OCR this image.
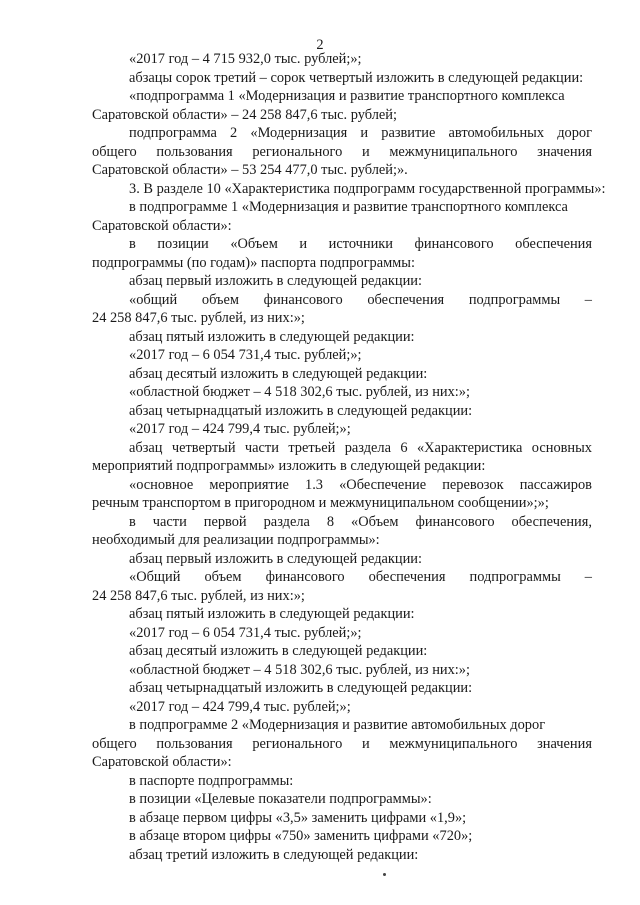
2
«2017 год – 4 715 932,0 тыс. рублей;»;
абзацы сорок третий – сорок четвертый изложить в следующей редакции:
«подпрограмма 1 «Модернизация и развитие транспортного комплекса
Саратовской области» – 24 258 847,6 тыс. рублей;
подпрограмма 2 «Модернизация и развитие автомобильных дорог
общего пользования регионального и межмуниципального значения
Саратовской области» – 53 254 477,0 тыс. рублей;».
3. В разделе 10 «Характеристика подпрограмм государственной программы»:
в подпрограмме 1 «Модернизация и развитие транспортного комплекса
Саратовской области»:
в позиции «Объем и источники финансового обеспечения
подпрограммы (по годам)» паспорта подпрограммы:
абзац первый изложить в следующей редакции:
«общий объем финансового обеспечения подпрограммы –
24 258 847,6 тыс. рублей, из них:»;
абзац пятый изложить в следующей редакции:
«2017 год – 6 054 731,4 тыс. рублей;»;
абзац десятый изложить в следующей редакции:
«областной бюджет – 4 518 302,6 тыс. рублей, из них:»;
абзац четырнадцатый изложить в следующей редакции:
«2017 год – 424 799,4 тыс. рублей;»;
абзац четвертый части третьей раздела 6 «Характеристика основных
мероприятий подпрограммы» изложить в следующей редакции:
«основное мероприятие 1.3 «Обеспечение перевозок пассажиров
речным транспортом в пригородном и межмуниципальном сообщении»;»;
в части первой раздела 8 «Объем финансового обеспечения,
необходимый для реализации подпрограммы»:
абзац первый изложить в следующей редакции:
«Общий объем финансового обеспечения подпрограммы –
24 258 847,6 тыс. рублей, из них:»;
абзац пятый изложить в следующей редакции:
«2017 год – 6 054 731,4 тыс. рублей;»;
абзац десятый изложить в следующей редакции:
«областной бюджет – 4 518 302,6 тыс. рублей, из них:»;
абзац четырнадцатый изложить в следующей редакции:
«2017 год – 424 799,4 тыс. рублей;»;
в подпрограмме 2 «Модернизация и развитие автомобильных дорог
общего пользования регионального и межмуниципального значения
Саратовской области»:
в паспорте подпрограммы:
в позиции «Целевые показатели подпрограммы»:
в абзаце первом цифры «3,5» заменить цифрами «1,9»;
в абзаце втором цифры «750» заменить цифрами «720»;
абзац третий изложить в следующей редакции:
